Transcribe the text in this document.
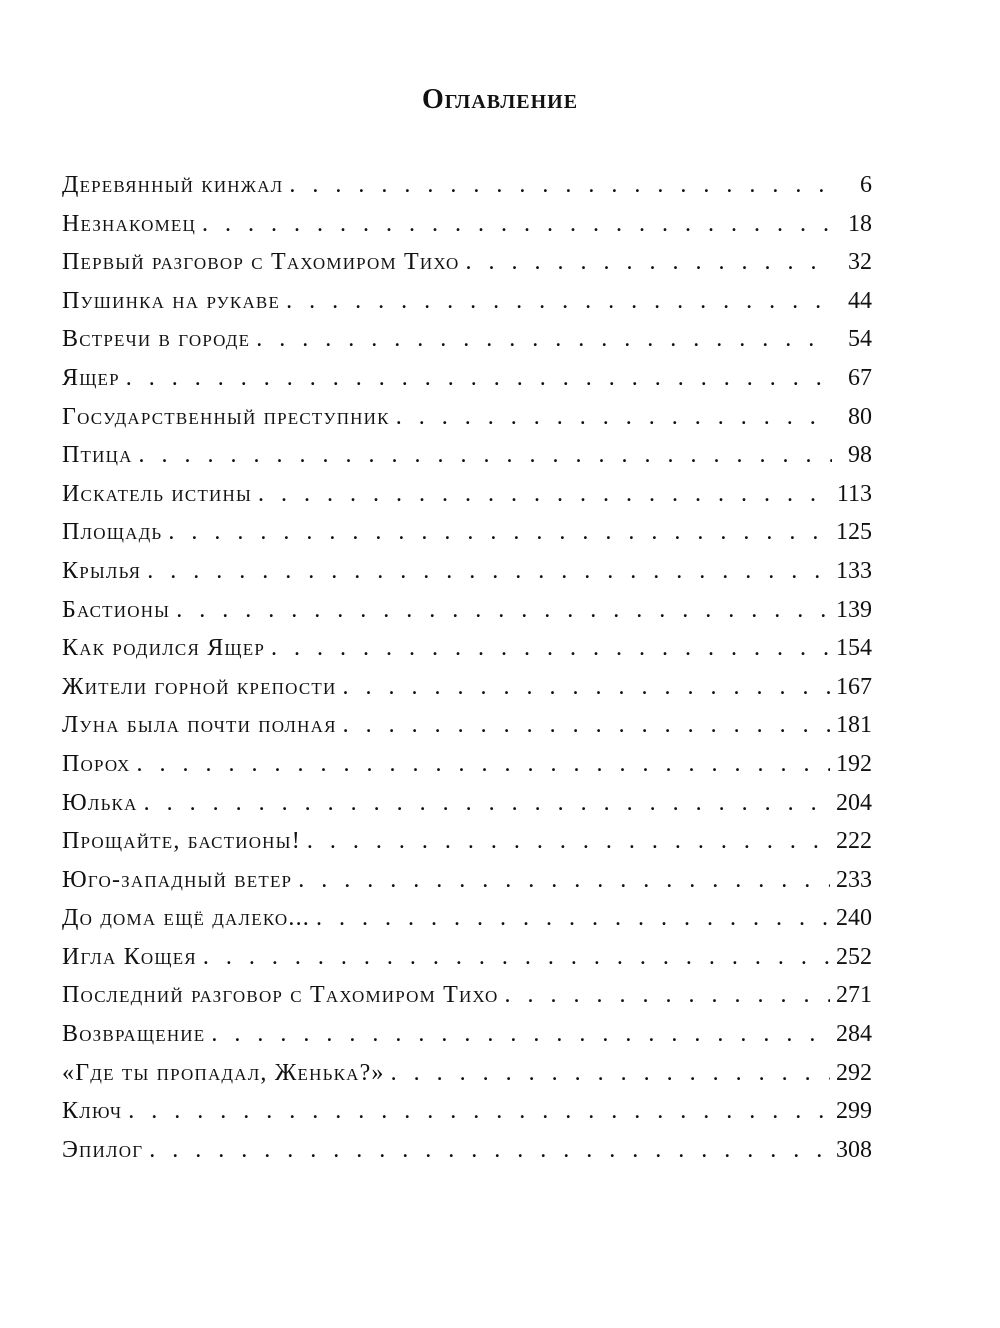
Оглавление
Деревянный кинжал . . .	6
Незнакомец . . .	18
Первый разговор с Тахомиром Тихо . . .	32
Пушинка на рукаве . . .	44
Встречи в городе . . .	54
Ящер . . .	67
Государственный преступник . . .	80
Птица . . .	98
Искатель истины . . .	113
Площадь . . .	125
Крылья . . .	133
Бастионы . . .	139
Как родился Ящер . . .	154
Жители горной крепости . . .	167
Луна была почти полная . . .	181
Порох . . .	192
Юлька . . .	204
Прощайте, бастионы! . . .	222
Юго-западный ветер . . .	233
До дома ещё далеко... . . .	240
Игла Кощея . . .	252
Последний разговор с Тахомиром Тихо . . .	271
Возвращение . . .	284
«Где ты пропадал, Женька?» . . .	292
Ключ . . .	299
Эпилог . . .	308
